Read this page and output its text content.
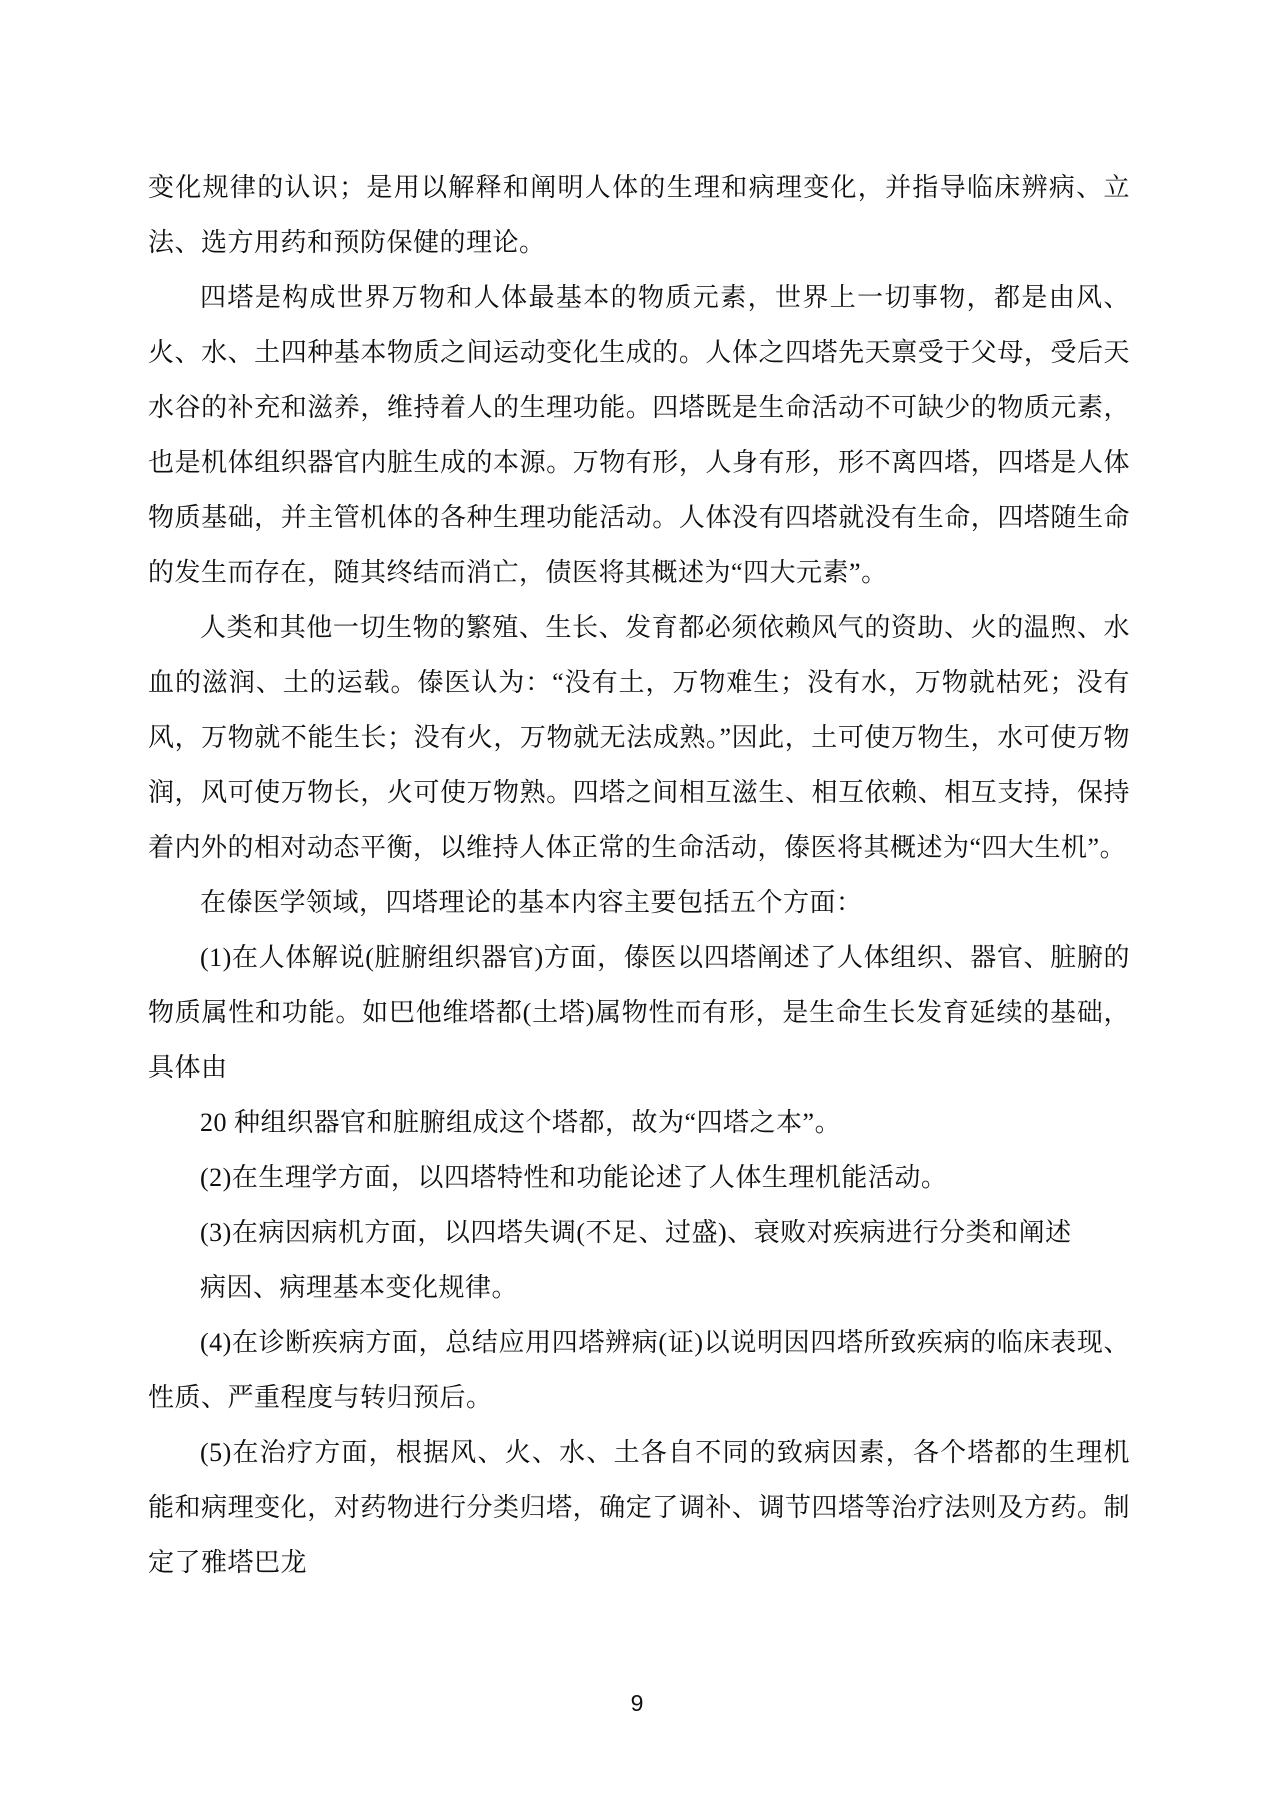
变化规律的认识；是用以解释和阐明人体的生理和病理变化，并指导临床辨病、立法、选方用药和预防保健的理论。

四塔是构成世界万物和人体最基本的物质元素，世界上一切事物，都是由风、火、水、土四种基本物质之间运动变化生成的。人体之四塔先天禀受于父母，受后天水谷的补充和滋养，维持着人的生理功能。四塔既是生命活动不可缺少的物质元素，也是机体组织器官内脏生成的本源。万物有形，人身有形，形不离四塔，四塔是人体物质基础，并主管机体的各种生理功能活动。人体没有四塔就没有生命，四塔随生命的发生而存在，随其终结而消亡，债医将其概述为“四大元素”。

人类和其他一切生物的繁殖、生长、发育都必须依赖风气的资助、火的温煦、水血的滋润、土的运载。傣医认为：“没有土，万物难生；没有水，万物就枯死；没有风，万物就不能生长；没有火，万物就无法成熟。”因此，土可使万物生，水可使万物润，风可使万物长，火可使万物熟。四塔之间相互滋生、相互依赖、相互支持，保持着内外的相对动态平衡，以维持人体正常的生命活动，傣医将其概述为“四大生机”。

在傣医学领域，四塔理论的基本内容主要包括五个方面：

(1)在人体解说(脏腑组织器官)方面，傣医以四塔阐述了人体组织、器官、脏腑的物质属性和功能。如巴他维塔都(土塔)属物性而有形，是生命生长发育延续的基础，具体由

20 种组织器官和脏腑组成这个塔都，故为“四塔之本”。

(2)在生理学方面，以四塔特性和功能论述了人体生理机能活动。

(3)在病因病机方面，以四塔失调(不足、过盛)、衰败对疾病进行分类和阐述

病因、病理基本变化规律。

(4)在诊断疾病方面，总结应用四塔辨病(证)以说明因四塔所致疾病的临床表现、性质、严重程度与转归预后。

(5)在治疗方面，根据风、火、水、土各自不同的致病因素，各个塔都的生理机能和病理变化，对药物进行分类归塔，确定了调补、调节四塔等治疗法则及方药。制定了雅塔巴龙

9
